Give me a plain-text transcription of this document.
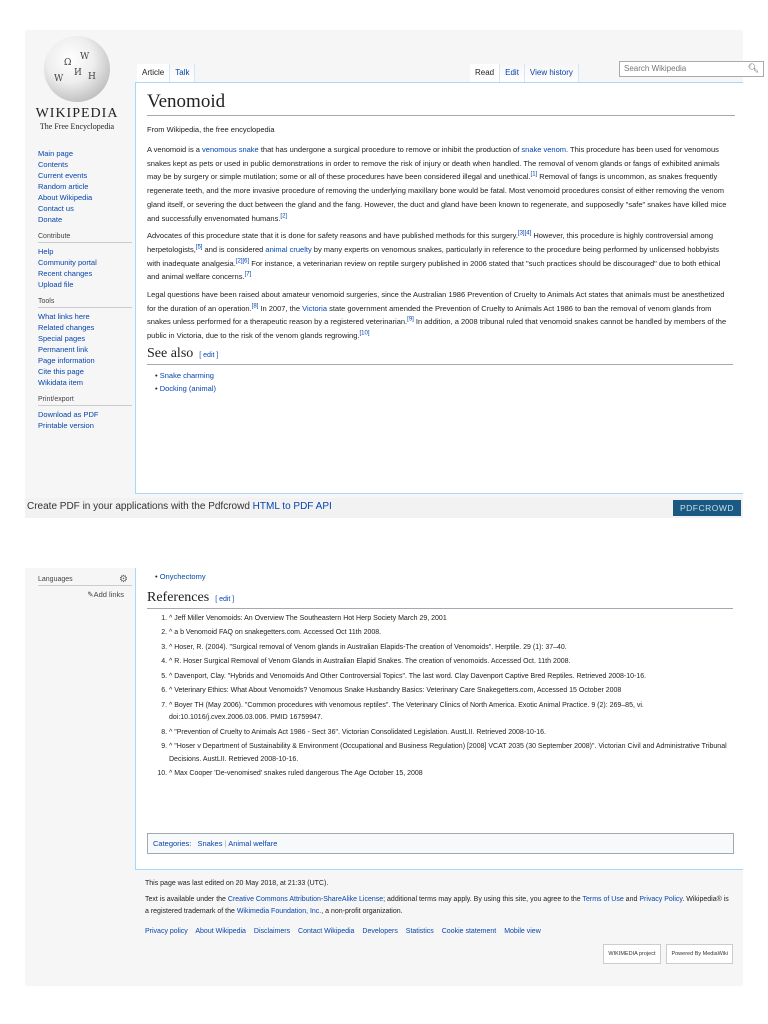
Ω
W
И H
W
WIKIPEDIA
The Free Encyclopedia
Main page
Contents
Current events
Random article
About Wikipedia
Contact us
Donate
Contribute
Help
Community portal
Recent changes
Upload file
Tools
What links here
Related changes
Special pages
Permanent link
Page information
Cite this page
Wikidata item
Print/export
Download as PDF
Printable version
Article	Talk	Read	Edit	View history	Search Wikipedia	🔍︎
Venomoid
From Wikipedia, the free encyclopedia

A venomoid is a venomous snake that has undergone a surgical procedure to remove or inhibit the production of snake venom. This procedure has been used for venomous snakes kept as pets or used in public demonstrations in order to remove the risk of injury or death when handled. The removal of venom glands or fangs of exhibited animals may be by surgery or simple mutilation; some or all of these procedures have been considered illegal and unethical.[1] Removal of fangs is uncommon, as snakes frequently regenerate teeth, and the more invasive procedure of removing the underlying maxillary bone would be fatal. Most venomoid procedures consist of either removing the venom gland itself, or severing the duct between the gland and the fang. However, the duct and gland have been known to regenerate, and supposedly "safe" snakes have killed mice and successfully envenomated humans.[2]

Advocates of this procedure state that it is done for safety reasons and have published methods for this surgery.[3][4] However, this procedure is highly controversial among herpetologists,[5] and is considered animal cruelty by many experts on venomous snakes, particularly in reference to the procedure being performed by unlicensed hobbyists with inadequate analgesia.[2][6] For instance, a veterinarian review on reptile surgery published in 2006 stated that "such practices should be discouraged" due to both ethical and animal welfare concerns.[7]

Legal questions have been raised about amateur venomoid surgeries, since the Australian 1986 Prevention of Cruelty to Animals Act states that animals must be anesthetized for the duration of an operation.[8] In 2007, the Victoria state government amended the Prevention of Cruelty to Animals Act 1986 to ban the removal of venom glands from snakes unless performed for a therapeutic reason by a registered veterinarian.[9] In addition, a 2008 tribunal ruled that venomoid snakes cannot be handled by members of the public in Victoria, due to the risk of the venom glands regrowing.[10]

See also [ edit ]
• Snake charming
• Docking (animal)
Create PDF in your applications with the Pdfcrowd HTML to PDF API	PDFCROWD
Languages	⚙
✎Add links
• Onychectomy
References [ edit ]
1. ^ Jeff Miller Venomoids: An Overview The Southeastern Hot Herp Society March 29, 2001
2. ^ a b Venomoid FAQ on snakegetters.com. Accessed Oct 11th 2008.
3. ^ Hoser, R. (2004). "Surgical removal of Venom glands in Australian Elapids-The creation of Venomoids". Herptile. 29 (1): 37–40.
4. ^ R. Hoser Surgical Removal of Venom Glands in Australian Elapid Snakes. The creation of venomoids. Accessed Oct. 11th 2008.
5. ^ Davenport, Clay. "Hybrids and Venomoids And Other Controversial Topics". The last word. Clay Davenport Captive Bred Reptiles. Retrieved 2008-10-16.
6. ^ Veterinary Ethics: What About Venomoids? Venomous Snake Husbandry Basics: Veterinary Care Snakegetters.com, Accessed 15 October 2008
7. ^ Boyer TH (May 2006). "Common procedures with venomous reptiles". The Veterinary Clinics of North America. Exotic Animal Practice. 9 (2): 269–85, vi. doi:10.1016/j.cvex.2006.03.006. PMID 16759947.
8. ^ "Prevention of Cruelty to Animals Act 1986 - Sect 36". Victorian Consolidated Legislation. AustLII. Retrieved 2008-10-16.
9. ^ "Hoser v Department of Sustainability & Environment (Occupational and Business Regulation) [2008] VCAT 2035 (30 September 2008)". Victorian Civil and Administrative Tribunal Decisions. AustLII. Retrieved 2008-10-16.
10. ^ Max Cooper 'De-venomised' snakes ruled dangerous The Age October 15, 2008
Categories: Snakes | Animal welfare
This page was last edited on 20 May 2018, at 21:33 (UTC).
Text is available under the Creative Commons Attribution-ShareAlike License; additional terms may apply. By using this site, you agree to the Terms of Use and Privacy Policy. Wikipedia® is a registered trademark of the Wikimedia Foundation, Inc., a non-profit organization.
Privacy policy About Wikipedia Disclaimers Contact Wikipedia Developers Statistics Cookie statement Mobile view
WIKIMEDIA project	Powered By MediaWiki
